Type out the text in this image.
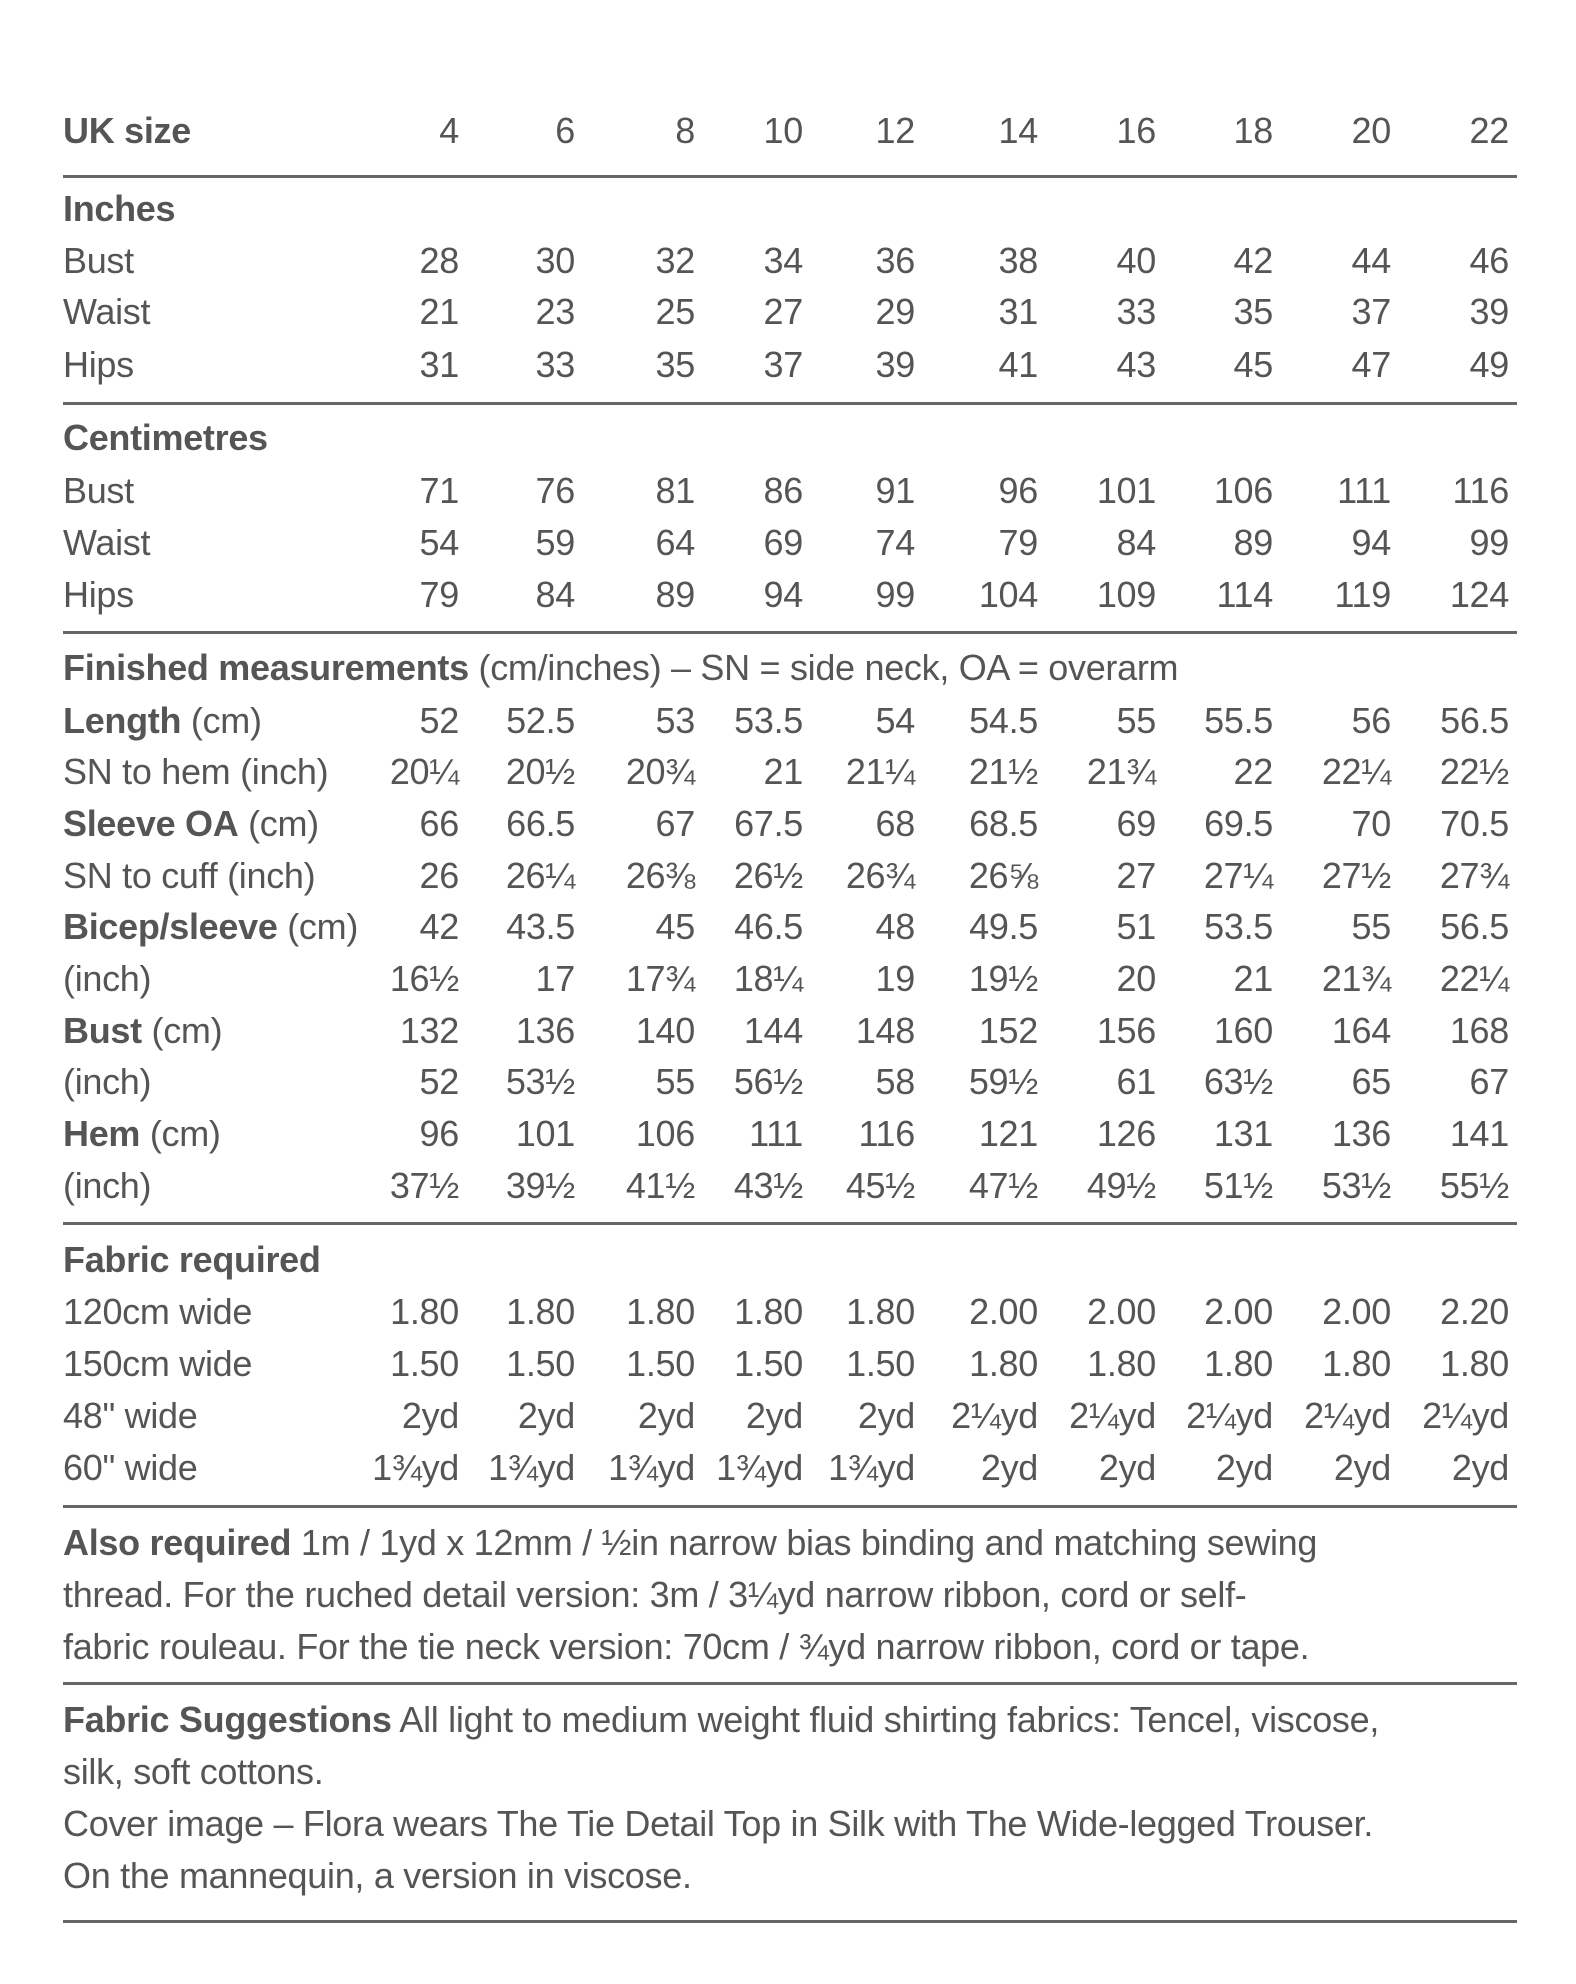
UK size	4	6	8	10	12	14	16	18	20	22
Inches
Bust	28	30	32	34	36	38	40	42	44	46
Waist	21	23	25	27	29	31	33	35	37	39
Hips	31	33	35	37	39	41	43	45	47	49
Centimetres
Bust	71	76	81	86	91	96	101	106	111	116
Waist	54	59	64	69	74	79	84	89	94	99
Hips	79	84	89	94	99	104	109	114	119	124
Finished measurements (cm/inches) – SN = side neck, OA = overarm
Length (cm)	52	52.5	53	53.5	54	54.5	55	55.5	56	56.5
SN to hem (inch)	20¼	20½	20¾	21	21¼	21½	21¾	22	22¼	22½
Sleeve OA (cm)	66	66.5	67	67.5	68	68.5	69	69.5	70	70.5
SN to cuff (inch)	26	26¼	26⅜	26½	26¾	26⅝	27	27¼	27½	27¾
Bicep/sleeve (cm)	42	43.5	45	46.5	48	49.5	51	53.5	55	56.5
(inch)	16½	17	17¾	18¼	19	19½	20	21	21¾	22¼
Bust (cm)	132	136	140	144	148	152	156	160	164	168
(inch)	52	53½	55	56½	58	59½	61	63½	65	67
Hem (cm)	96	101	106	111	116	121	126	131	136	141
(inch)	37½	39½	41½	43½	45½	47½	49½	51½	53½	55½
Fabric required
120cm wide	1.80	1.80	1.80	1.80	1.80	2.00	2.00	2.00	2.00	2.20
150cm wide	1.50	1.50	1.50	1.50	1.50	1.80	1.80	1.80	1.80	1.80
48" wide	2yd	2yd	2yd	2yd	2yd	2¼yd 2¼yd 2¼yd 2¼yd 2¼yd
60" wide	1¾yd 1¾yd 1¾yd 1¾yd 1¾yd	2yd	2yd	2yd	2yd	2yd
Also required 1m / 1yd x 12mm / ½in narrow bias binding and matching sewing
thread. For the ruched detail version: 3m / 3¼yd narrow ribbon, cord or self-
fabric rouleau. For the tie neck version: 70cm / ¾yd narrow ribbon, cord or tape.
Fabric Suggestions All light to medium weight fluid shirting fabrics: Tencel, viscose,
silk, soft cottons.
Cover image – Flora wears The Tie Detail Top in Silk with The Wide-legged Trouser.
On the mannequin, a version in viscose.
